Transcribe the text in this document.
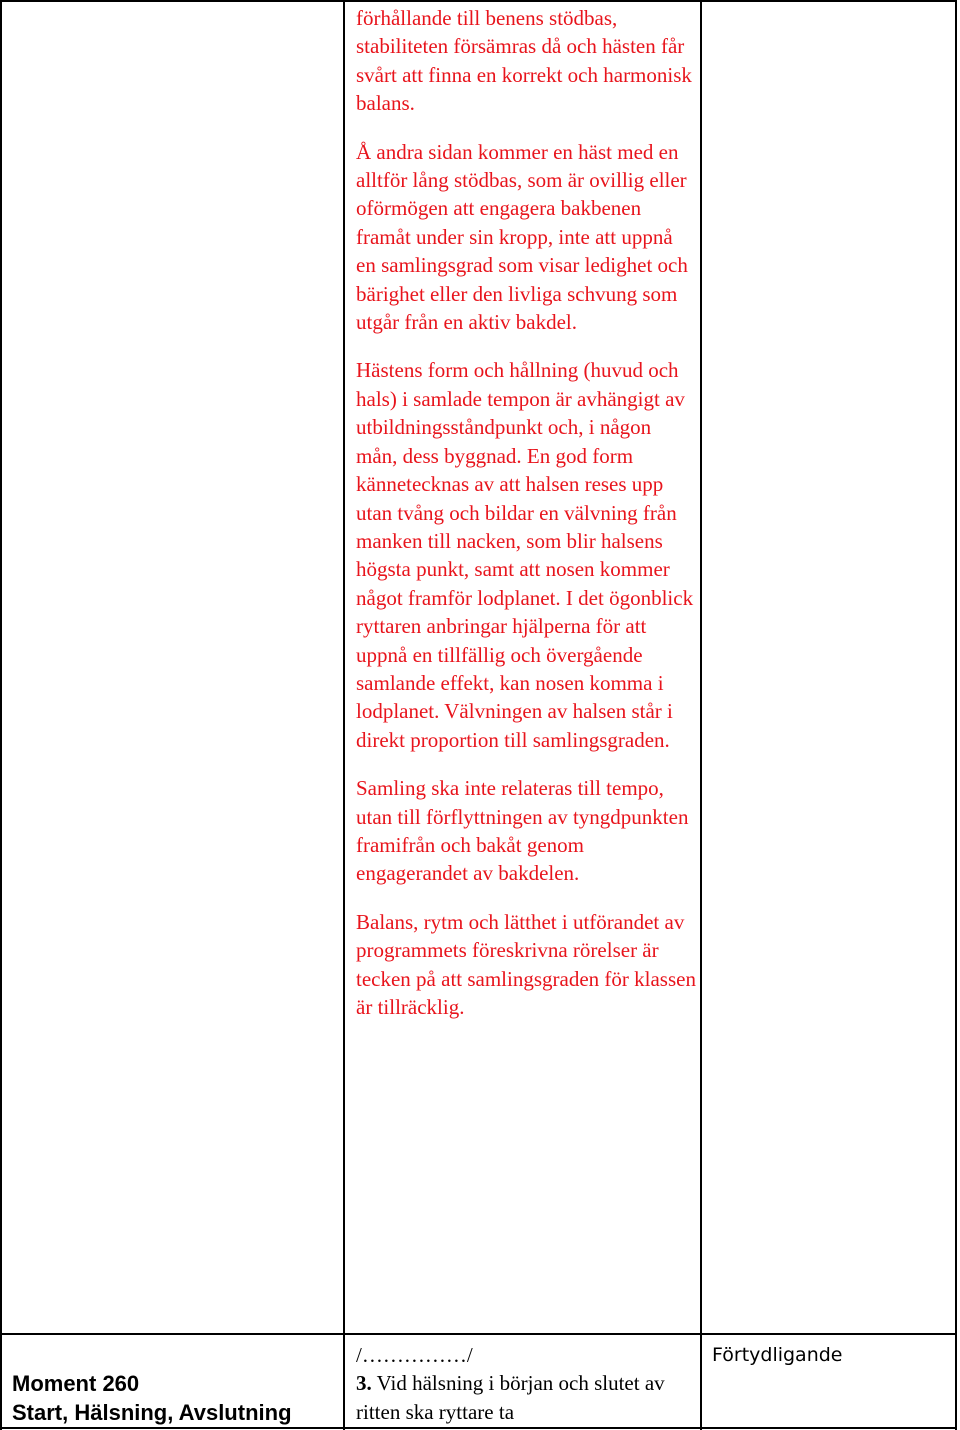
förhållande till benens stödbas, stabiliteten försämras då och hästen får svårt att finna en korrekt och harmonisk balans.

Å andra sidan kommer en häst med en alltför lång stödbas, som är ovillig eller oförmögen att engagera bakbenen framåt under sin kropp, inte att uppnå en samlingsgrad som visar ledighet och bärighet eller den livliga schvung som utgår från en aktiv bakdel.

Hästens form och hållning (huvud och hals) i samlade tempon är avhängigt av utbildningsståndpunkt och, i någon mån, dess byggnad. En god form kännetecknas av att halsen reses upp utan tvång och bildar en välvning från manken till nacken, som blir halsens högsta punkt, samt att nosen kommer något framför lodplanet. I det ögonblick ryttaren anbringar hjälperna för att uppnå en tillfällig och övergående samlande effekt, kan nosen komma i lodplanet. Välvningen av halsen står i direkt proportion till samlingsgraden.

Samling ska inte relateras till tempo, utan till förflyttningen av tyngdpunkten framifrån och bakåt genom engagerandet av bakdelen.

Balans, rytm och lätthet i utförandet av programmets föreskrivna rörelser är tecken på att samlingsgraden för klassen är tillräcklig.

Moment 260
Start, Hälsning, Avslutning
/……………/
3. Vid hälsning i början och slutet av ritten ska ryttare ta
Förtydligande
